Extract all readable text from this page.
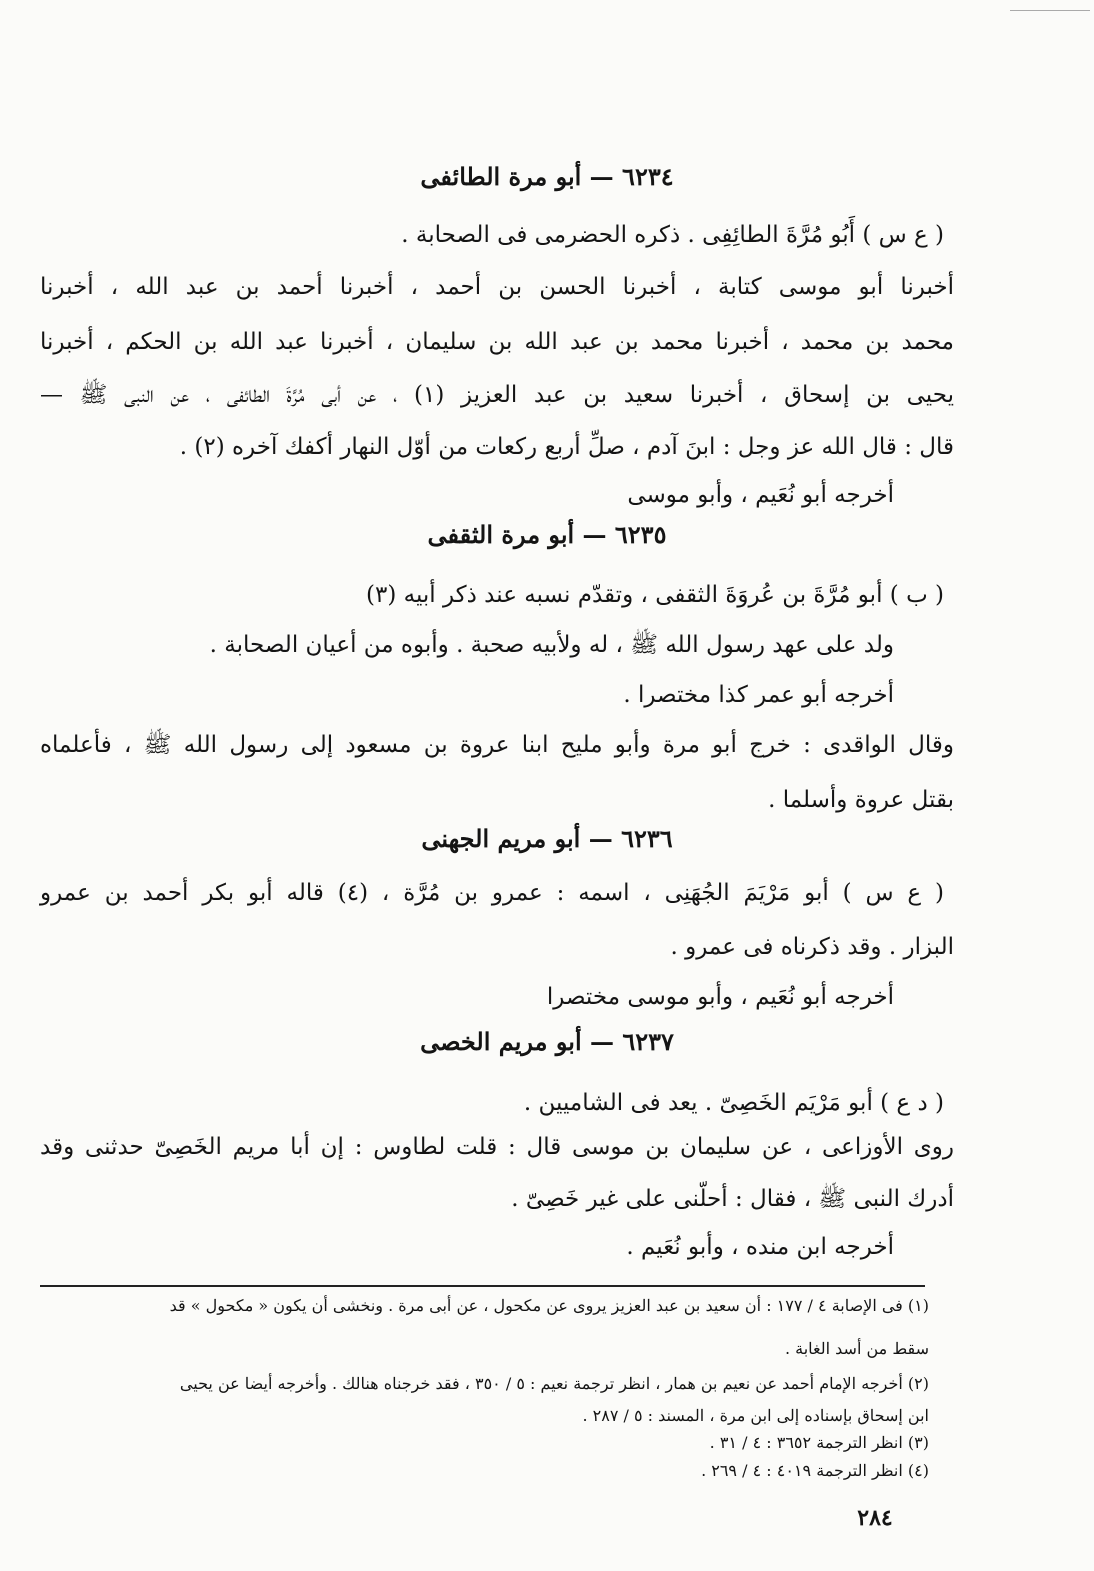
٦٢٣٤ — أبو مرة الطائفى
( ع س ) أَبُو مُرَّةَ الطائِفِى . ذكره الحضرمى فى الصحابة .
أخبرنا أبو موسى كتابة ، أخبرنا الحسن بن أحمد ، أخبرنا أحمد بن عبد الله ، أخبرنا
محمد بن محمد ، أخبرنا محمد بن عبد الله بن سليمان ، أخبرنا عبد الله بن الحكم ، أخبرنا
يحيى بن إسحاق ، أخبرنا سعيد بن عبد العزيز (١) ، عن أبى مُرَّةَ الطائفى ، عن النبى ﷺ —
قال : قال الله عز وجل : ابنَ آدم ، صلِّ أربع ركعات من أوّل النهار أكفك آخره (٢) .
أخرجه أبو نُعَيم ، وأبو موسى
٦٢٣٥ — أبو مرة الثقفى
( ب ) أبو مُرَّةَ بن عُروَةَ الثقفى ، وتقدّم نسبه عند ذكر أبيه (٣)
ولد على عهد رسول الله ﷺ ، له ولأبيه صحبة . وأبوه من أعيان الصحابة .
أخرجه أبو عمر كذا مختصرا .
وقال الواقدى : خرج أبو مرة وأبو مليح ابنا عروة بن مسعود إلى رسول الله ﷺ ، فأعلماه
بقتل عروة وأسلما .
٦٢٣٦ — أبو مريم الجهنى
( ع س ) أبو مَرْيَمَ الجُهَنِى ، اسمه : عمرو بن مُرَّة ، (٤) قاله أبو بكر أحمد بن عمرو
البزار . وقد ذكرناه فى عمرو .
أخرجه أبو نُعَيم ، وأبو موسى مختصرا
٦٢٣٧ — أبو مريم الخصى
( د ع ) أبو مَرْيَم الخَصِىّ . يعد فى الشاميين .
روى الأوزاعى ، عن سليمان بن موسى قال : قلت لطاوس : إن أبا مريم الخَصِىّ حدثنى وقد
أدرك النبى ﷺ ، فقال : أحلّنى على غير خَصِىّ .
أخرجه ابن منده ، وأبو نُعَيم .
(١) فى الإصابة ٤ / ١٧٧ : أن سعيد بن عبد العزيز يروى عن مكحول ، عن أبى مرة . ونخشى أن يكون « مكحول » قد
سقط من أسد الغابة .
(٢) أخرجه الإمام أحمد عن نعيم بن همار ، انظر ترجمة نعيم : ٥ / ٣٥٠ ، فقد خرجناه هنالك . وأخرجه أيضا عن يحيى
ابن إسحاق بإسناده إلى ابن مرة ، المسند : ٥ / ٢٨٧ .
(٣) انظر الترجمة ٣٦٥٢ : ٤ / ٣١ .
(٤) انظر الترجمة ٤٠١٩ : ٤ / ٢٦٩ .
٢٨٤
